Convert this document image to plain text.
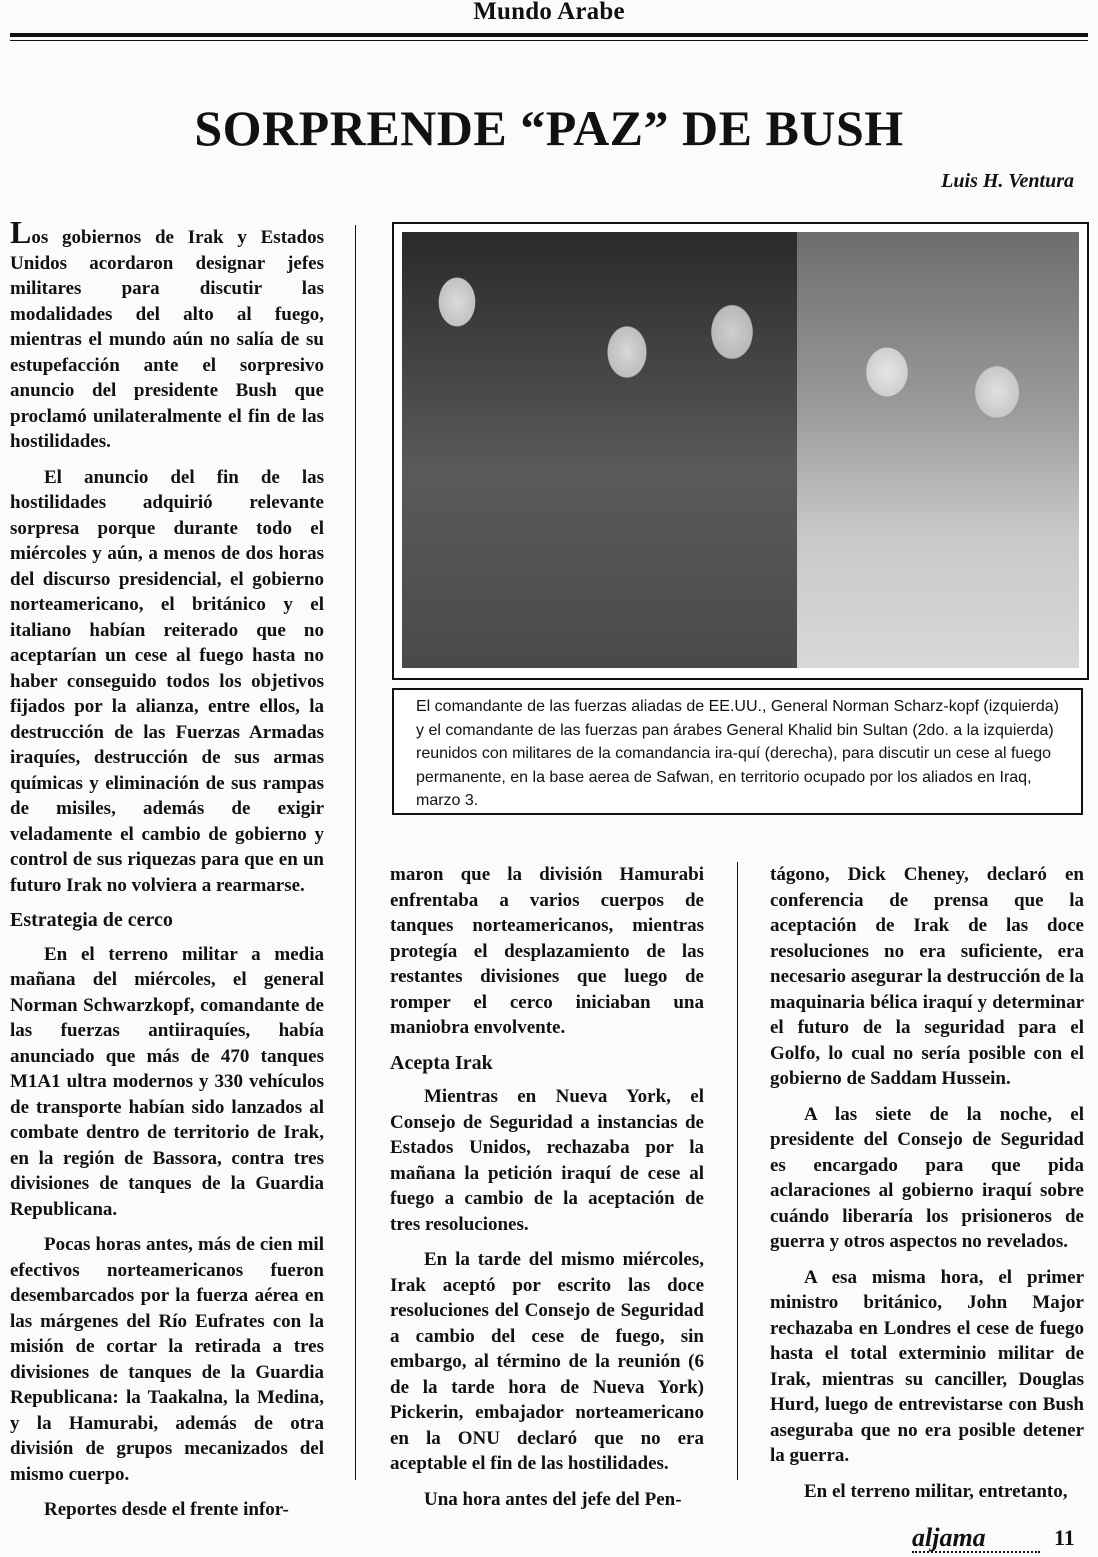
Mundo Arabe
SORPRENDE “PAZ” DE BUSH
Luis H. Ventura

Los gobiernos de Irak y Estados Unidos acordaron designar jefes militares para discutir las modalidades del alto al fuego, mientras el mundo aún no salía de su estupefacción ante el sorpresivo anuncio del presidente Bush que proclamó unilateralmente el fin de las hostilidades.

El anuncio del fin de las hostilidades adquirió relevante sorpresa porque durante todo el miércoles y aún, a menos de dos horas del discurso presidencial, el gobierno norteamericano, el británico y el italiano habían reiterado que no aceptarían un cese al fuego hasta no haber conseguido todos los objetivos fijados por la alianza, entre ellos, la destrucción de las Fuerzas Armadas iraquíes, destrucción de sus armas químicas y eliminación de sus rampas de misiles, además de exigir veladamente el cambio de gobierno y control de sus riquezas para que en un futuro Irak no volviera a rearmarse.

Estrategia de cerco

En el terreno militar a media mañana del miércoles, el general Norman Schwarzkopf, comandante de las fuerzas antiiraquíes, había anunciado que más de 470 tanques M1A1 ultra modernos y 330 vehículos de transporte habían sido lanzados al combate dentro de territorio de Irak, en la región de Bassora, contra tres divisiones de tanques de la Guardia Republicana.

Pocas horas antes, más de cien mil efectivos norteamericanos fueron desembarcados por la fuerza aérea en las márgenes del Río Eufrates con la misión de cortar la retirada a tres divisiones de tanques de la Guardia Republicana: la Taakalna, la Medina, y la Hamurabi, además de otra división de grupos mecanizados del mismo cuerpo.

Reportes desde el frente infor-

El comandante de las fuerzas aliadas de EE.UU., General Norman Scharz-kopf (izquierda) y el comandante de las fuerzas pan árabes General Khalid bin Sultan (2do. a la izquierda) reunidos con militares de la comandancia ira-quí (derecha), para discutir un cese al fuego permanente, en la base aerea de Safwan, en territorio ocupado por los aliados en Iraq, marzo 3.

maron que la división Hamurabi enfrentaba a varios cuerpos de tanques norteamericanos, mientras protegía el desplazamiento de las restantes divisiones que luego de romper el cerco iniciaban una maniobra envolvente.

Acepta Irak

Mientras en Nueva York, el Consejo de Seguridad a instancias de Estados Unidos, rechazaba por la mañana la petición iraquí de cese al fuego a cambio de la aceptación de tres resoluciones.

En la tarde del mismo miércoles, Irak aceptó por escrito las doce resoluciones del Consejo de Seguridad a cambio del cese de fuego, sin embargo, al término de la reunión (6 de la tarde hora de Nueva York) Pickerin, embajador norteamericano en la ONU declaró que no era aceptable el fin de las hostilidades.

Una hora antes del jefe del Pen-

tágono, Dick Cheney, declaró en conferencia de prensa que la aceptación de Irak de las doce resoluciones no era suficiente, era necesario asegurar la destrucción de la maquinaria bélica iraquí y determinar el futuro de la seguridad para el Golfo, lo cual no sería posible con el gobierno de Saddam Hussein.

A las siete de la noche, el presidente del Consejo de Seguridad es encargado para que pida aclaraciones al gobierno iraquí sobre cuándo liberaría los prisioneros de guerra y otros aspectos no revelados.

A esa misma hora, el primer ministro británico, John Major rechazaba en Londres el cese de fuego hasta el total exterminio militar de Irak, mientras su canciller, Douglas Hurd, luego de entrevistarse con Bush aseguraba que no era posible detener la guerra.

En el terreno militar, entretanto,

aljama	11
